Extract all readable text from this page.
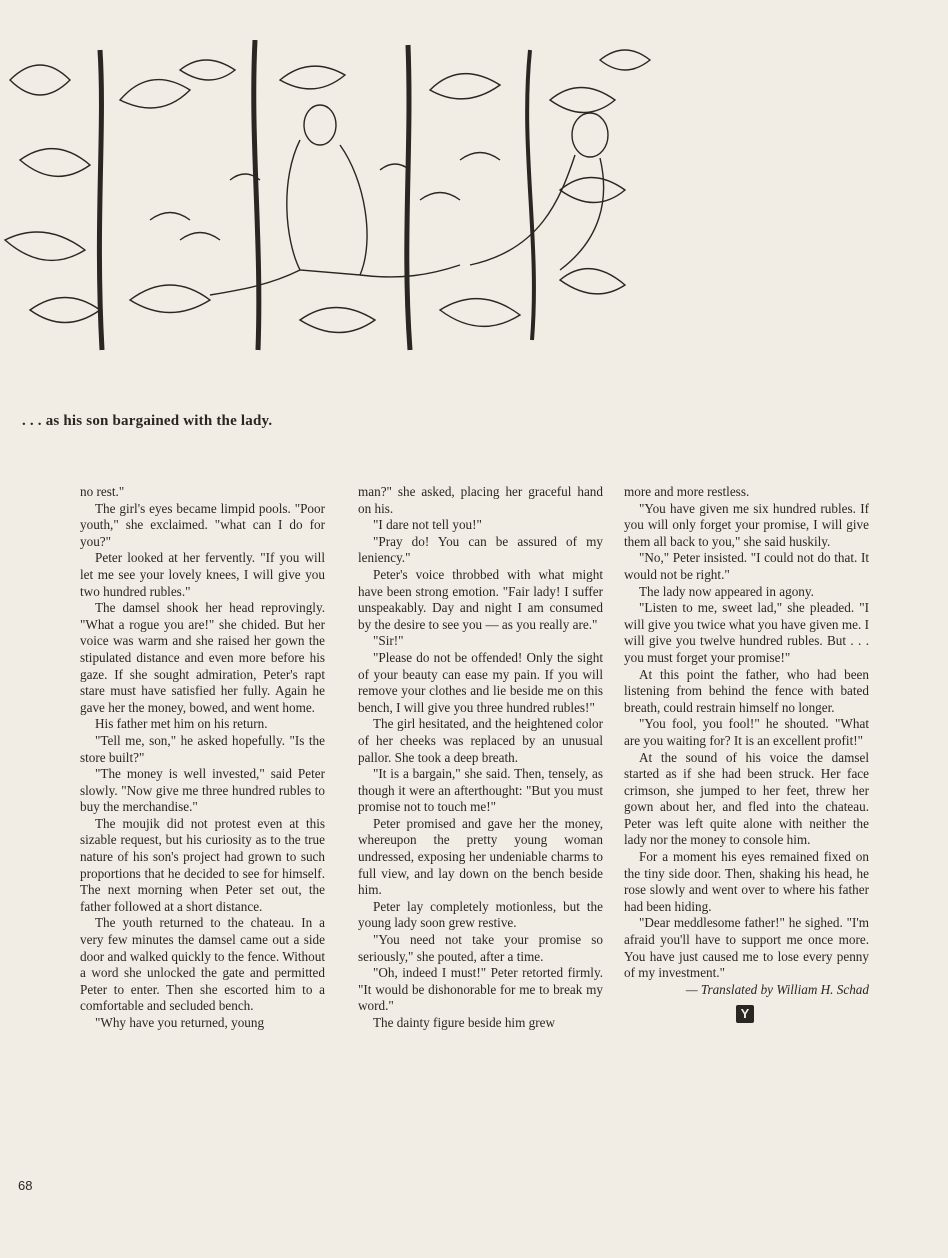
. . . as his son bargained with the lady.

no rest."

The girl's eyes became limpid pools. "Poor youth," she exclaimed. "what can I do for you?"

Peter looked at her fervently. "If you will let me see your lovely knees, I will give you two hundred rubles."

The damsel shook her head reprovingly. "What a rogue you are!" she chided. But her voice was warm and she raised her gown the stipulated distance and even more before his gaze. If she sought admiration, Peter's rapt stare must have satisfied her fully. Again he gave her the money, bowed, and went home.

His father met him on his return.

"Tell me, son," he asked hopefully. "Is the store built?"

"The money is well invested," said Peter slowly. "Now give me three hundred rubles to buy the merchandise."

The moujik did not protest even at this sizable request, but his curiosity as to the true nature of his son's project had grown to such proportions that he decided to see for himself. The next morning when Peter set out, the father followed at a short distance.

The youth returned to the chateau. In a very few minutes the damsel came out a side door and walked quickly to the fence. Without a word she unlocked the gate and permitted Peter to enter. Then she escorted him to a comfortable and secluded bench.

"Why have you returned, young

man?" she asked, placing her graceful hand on his.

"I dare not tell you!"

"Pray do! You can be assured of my leniency."

Peter's voice throbbed with what might have been strong emotion. "Fair lady! I suffer unspeakably. Day and night I am consumed by the desire to see you — as you really are."

"Sir!"

"Please do not be offended! Only the sight of your beauty can ease my pain. If you will remove your clothes and lie beside me on this bench, I will give you three hundred rubles!"

The girl hesitated, and the heightened color of her cheeks was replaced by an unusual pallor. She took a deep breath.

"It is a bargain," she said. Then, tensely, as though it were an afterthought: "But you must promise not to touch me!"

Peter promised and gave her the money, whereupon the pretty young woman undressed, exposing her undeniable charms to full view, and lay down on the bench beside him.

Peter lay completely motionless, but the young lady soon grew restive.

"You need not take your promise so seriously," she pouted, after a time.

"Oh, indeed I must!" Peter retorted firmly. "It would be dishonorable for me to break my word."

The dainty figure beside him grew

more and more restless.

"You have given me six hundred rubles. If you will only forget your promise, I will give them all back to you," she said huskily.

"No," Peter insisted. "I could not do that. It would not be right."

The lady now appeared in agony.

"Listen to me, sweet lad," she pleaded. "I will give you twice what you have given me. I will give you twelve hundred rubles. But . . . you must forget your promise!"

At this point the father, who had been listening from behind the fence with bated breath, could restrain himself no longer.

"You fool, you fool!" he shouted. "What are you waiting for? It is an excellent profit!"

At the sound of his voice the damsel started as if she had been struck. Her face crimson, she jumped to her feet, threw her gown about her, and fled into the chateau. Peter was left quite alone with neither the lady nor the money to console him.

For a moment his eyes remained fixed on the tiny side door. Then, shaking his head, he rose slowly and went over to where his father had been hiding.

"Dear meddlesome father!" he sighed. "I'm afraid you'll have to support me once more. You have just caused me to lose every penny of my investment."

— Translated by William H. Schad

Y
68
